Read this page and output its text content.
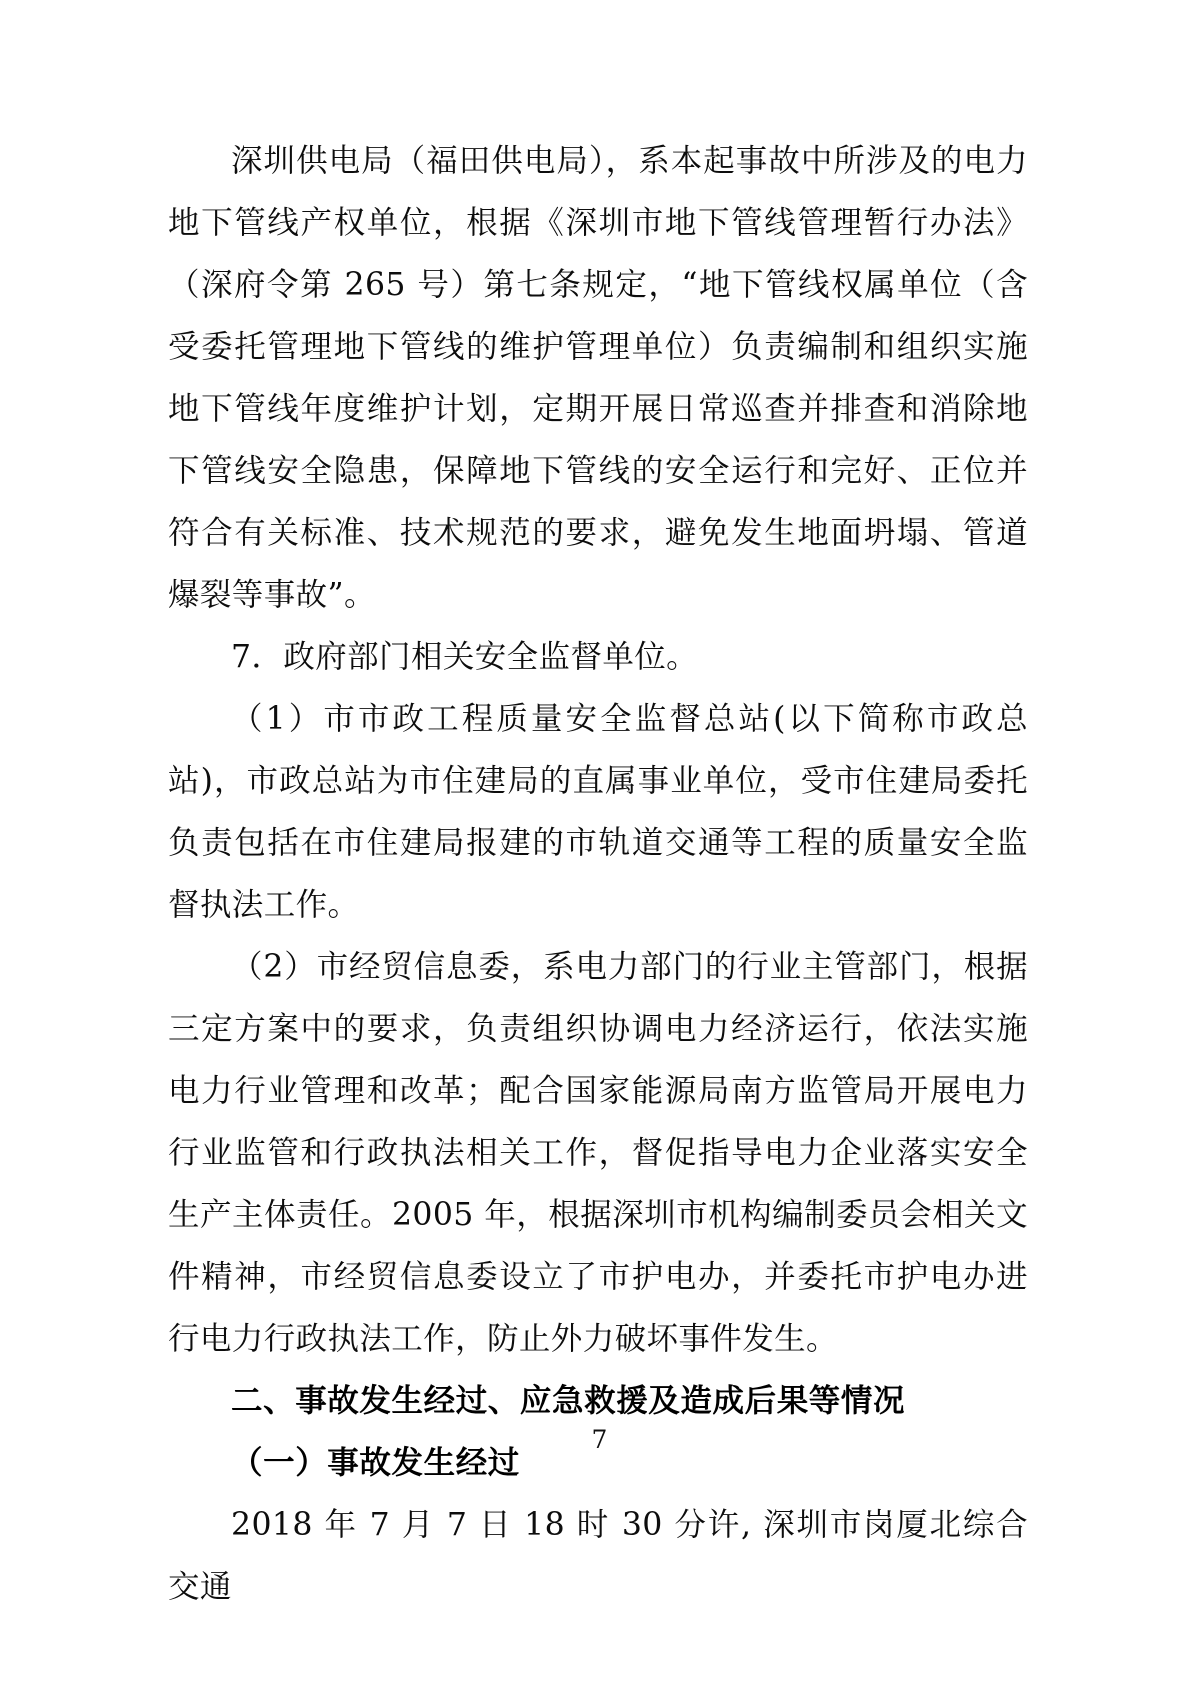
深圳供电局（福田供电局），系本起事故中所涉及的电力地下管线产权单位，根据《深圳市地下管线管理暂行办法》（深府令第 265 号）第七条规定，“地下管线权属单位（含受委托管理地下管线的维护管理单位）负责编制和组织实施地下管线年度维护计划，定期开展日常巡查并排查和消除地下管线安全隐患，保障地下管线的安全运行和完好、正位并符合有关标准、技术规范的要求，避免发生地面坍塌、管道爆裂等事故”。

7．政府部门相关安全监督单位。

（1）市市政工程质量安全监督总站(以下简称市政总站)，市政总站为市住建局的直属事业单位，受市住建局委托负责包括在市住建局报建的市轨道交通等工程的质量安全监督执法工作。

（2）市经贸信息委，系电力部门的行业主管部门，根据三定方案中的要求，负责组织协调电力经济运行，依法实施电力行业管理和改革；配合国家能源局南方监管局开展电力行业监管和行政执法相关工作，督促指导电力企业落实安全生产主体责任。2005 年，根据深圳市机构编制委员会相关文件精神，市经贸信息委设立了市护电办，并委托市护电办进行电力行政执法工作，防止外力破坏事件发生。

二、事故发生经过、应急救援及造成后果等情况

（一）事故发生经过

2018 年 7 月 7 日 18 时 30 分许, 深圳市岗厦北综合交通

7
